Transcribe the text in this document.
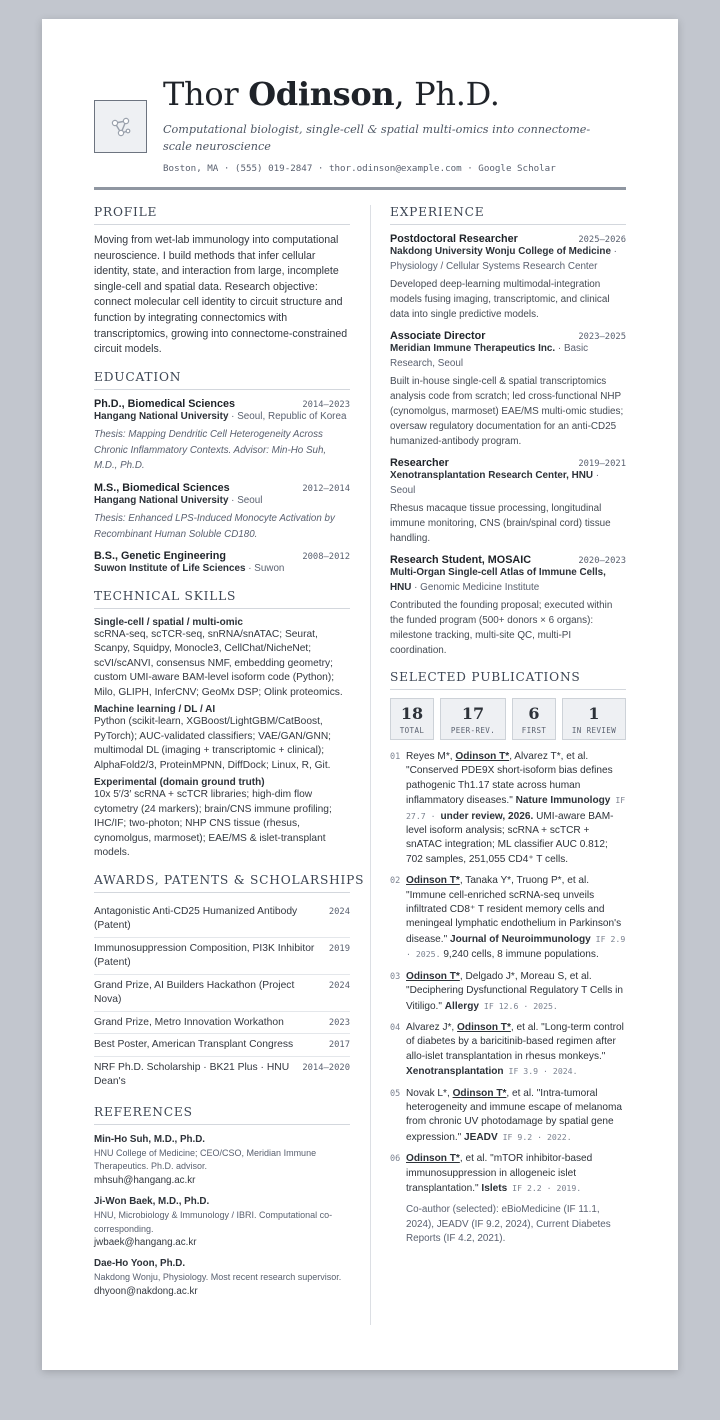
Thor Odinson, Ph.D.
Computational biologist, single-cell & spatial multi-omics into connectome-scale neuroscience
Boston, MA · (555) 019-2847 · thor.odinson@example.com · Google Scholar
PROFILE
Moving from wet-lab immunology into computational neuroscience. I build methods that infer cellular identity, state, and interaction from large, incomplete single-cell and spatial data. Research objective: connect molecular cell identity to circuit structure and function by integrating connectomics with transcriptomics, growing into connectome-constrained circuit models.
EDUCATION
Ph.D., Biomedical Sciences	2014–2023
Hangang National University · Seoul, Republic of Korea
Thesis: Mapping Dendritic Cell Heterogeneity Across Chronic Inflammatory Contexts. Advisor: Min-Ho Suh, M.D., Ph.D.
M.S., Biomedical Sciences	2012–2014
Hangang National University · Seoul
Thesis: Enhanced LPS-Induced Monocyte Activation by Recombinant Human Soluble CD180.
B.S., Genetic Engineering	2008–2012
Suwon Institute of Life Sciences · Suwon
TECHNICAL SKILLS
Single-cell / spatial / multi-omic
scRNA-seq, scTCR-seq, snRNA/snATAC; Seurat, Scanpy, Squidpy, Monocle3, CellChat/NicheNet; scVI/scANVI, consensus NMF, embedding geometry; custom UMI-aware BAM-level isoform code (Python); Milo, GLIPH, InferCNV; GeoMx DSP; Olink proteomics.
Machine learning / DL / AI
Python (scikit-learn, XGBoost/LightGBM/CatBoost, PyTorch); AUC-validated classifiers; VAE/GAN/GNN; multimodal DL (imaging + transcriptomic + clinical); AlphaFold2/3, ProteinMPNN, DiffDock; Linux, R, Git.
Experimental (domain ground truth)
10x 5′/3′ scRNA + scTCR libraries; high-dim flow cytometry (24 markers); brain/CNS immune profiling; IHC/IF; two-photon; NHP CNS tissue (rhesus, cynomolgus, marmoset); EAE/MS & islet-transplant models.
AWARDS, PATENTS & SCHOLARSHIPS
Antagonistic Anti-CD25 Humanized Antibody (Patent)
2024
Immunosuppression Composition, PI3K Inhibitor (Patent)
2019
Grand Prize, AI Builders Hackathon (Project Nova)
2024
Grand Prize, Metro Innovation Workathon	2023
Best Poster, American Transplant Congress	2017
NRF Ph.D. Scholarship · BK21 Plus · HNU Dean's
2014–2020
REFERENCES
Min-Ho Suh, M.D., Ph.D.
HNU College of Medicine; CEO/CSO, Meridian Immune Therapeutics. Ph.D. advisor.
mhsuh@hangang.ac.kr
Ji-Won Baek, M.D., Ph.D.
HNU, Microbiology & Immunology / IBRI. Computational co-corresponding.
jwbaek@hangang.ac.kr
Dae-Ho Yoon, Ph.D.
Nakdong Wonju, Physiology. Most recent research supervisor.
dhyoon@nakdong.ac.kr
EXPERIENCE
Postdoctoral Researcher	2025–2026
Nakdong University Wonju College of Medicine · Physiology / Cellular Systems Research Center
Developed deep-learning multimodal-integration models fusing imaging, transcriptomic, and clinical data into single predictive models.
Associate Director	2023–2025
Meridian Immune Therapeutics Inc. · Basic Research, Seoul
Built in-house single-cell & spatial transcriptomics analysis code from scratch; led cross-functional NHP (cynomolgus, marmoset) EAE/MS multi-omic studies; oversaw regulatory documentation for an anti-CD25 humanized-antibody program.
Researcher	2019–2021
Xenotransplantation Research Center, HNU · Seoul
Rhesus macaque tissue processing, longitudinal immune monitoring, CNS (brain/spinal cord) tissue handling.
Research Student, MOSAIC	2020–2023
Multi-Organ Single-cell Atlas of Immune Cells, HNU · Genomic Medicine Institute
Contributed the founding proposal; executed within the funded program (500+ donors × 6 organs): milestone tracking, multi-site QC, multi-PI coordination.
SELECTED PUBLICATIONS
18
TOTAL
17
PEER-REV.
6
FIRST
1
IN REVIEW
01 Reyes M*, Odinson T*, Alvarez T*, et al. "Conserved PDE9X short-isoform bias defines pathogenic Th1.17 state across human inflammatory diseases." Nature Immunology IF 27.7 · under review, 2026. UMI-aware BAM-level isoform analysis; scRNA + scTCR + snATAC integration; ML classifier AUC 0.812; 702 samples, 251,055 CD4⁺ T cells.
02 Odinson T*, Tanaka Y*, Truong P*, et al. "Immune cell-enriched scRNA-seq unveils infiltrated CD8⁺ T resident memory cells and meningeal lymphatic endothelium in Parkinson's disease." Journal of Neuroimmunology IF 2.9 · 2025. 9,240 cells, 8 immune populations.
03 Odinson T*, Delgado J*, Moreau S, et al. "Deciphering Dysfunctional Regulatory T Cells in Vitiligo." Allergy IF 12.6 · 2025.
04 Alvarez J*, Odinson T*, et al. "Long-term control of diabetes by a baricitinib-based regimen after allo-islet transplantation in rhesus monkeys." Xenotransplantation IF 3.9 · 2024.
05 Novak L*, Odinson T*, et al. "Intra-tumoral heterogeneity and immune escape of melanoma from chronic UV photodamage by spatial gene expression." JEADV IF 9.2 · 2022.
06 Odinson T*, et al. "mTOR inhibitor-based immunosuppression in allogeneic islet transplantation." Islets IF 2.2 · 2019.
Co-author (selected): eBioMedicine (IF 11.1, 2024), JEADV (IF 9.2, 2024), Current Diabetes Reports (IF 4.2, 2021).
